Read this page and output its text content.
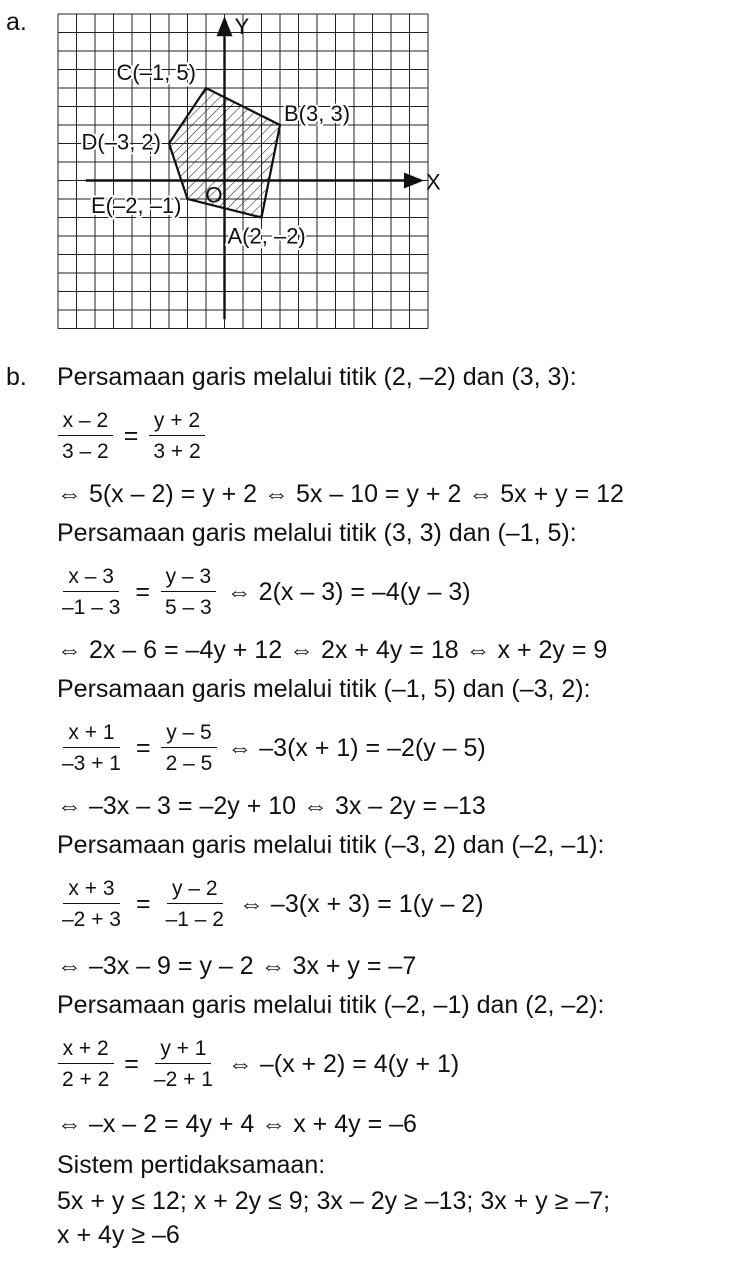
a.
X
Y
O
A(2, –2)
B(3, 3)
C(–1, 5)
D(–3, 2)
E(–2, –1)
b. Persamaan garis melalui titik (2, –2) dan (3, 3):
$\frac{x - 2}{3 - 2} = \frac{y + 2}{3 + 2}$
⇔ 5(x – 2) = y + 2 ⇔ 5x – 10 = y + 2 ⇔ 5x + y = 12
Persamaan garis melalui titik (3, 3) dan (–1, 5):
$\frac{x - 3}{-1 - 3} = \frac{y - 3}{5 - 3}$ ⇔ 2(x – 3) = –4(y – 3)
⇔ 2x – 6 = –4y + 12 ⇔ 2x + 4y = 18 ⇔ x + 2y = 9
Persamaan garis melalui titik (–1, 5) dan (–3, 2):
$\frac{x + 1}{-3 + 1} = \frac{y - 5}{2 - 5}$ ⇔ –3(x + 1) = –2(y – 5)
⇔ –3x – 3 = –2y + 10 ⇔ 3x – 2y = –13
Persamaan garis melalui titik (–3, 2) dan (–2, –1):
$\frac{x + 3}{-2 + 3} = \frac{y - 2}{-1 - 2}$ ⇔ –3(x + 3) = 1(y – 2)
⇔ –3x – 9 = y – 2 ⇔ 3x + y = –7
Persamaan garis melalui titik (–2, –1) dan (2, –2):
$\frac{x + 2}{2 + 2} = \frac{y + 1}{-2 + 1}$ ⇔ –(x + 2) = 4(y + 1)
⇔ –x – 2 = 4y + 4 ⇔ x + 4y = –6
Sistem pertidaksamaan:
5x + y ≤ 12; x + 2y ≤ 9; 3x – 2y ≥ –13; 3x + y ≥ –7;
x + 4y ≥ –6
